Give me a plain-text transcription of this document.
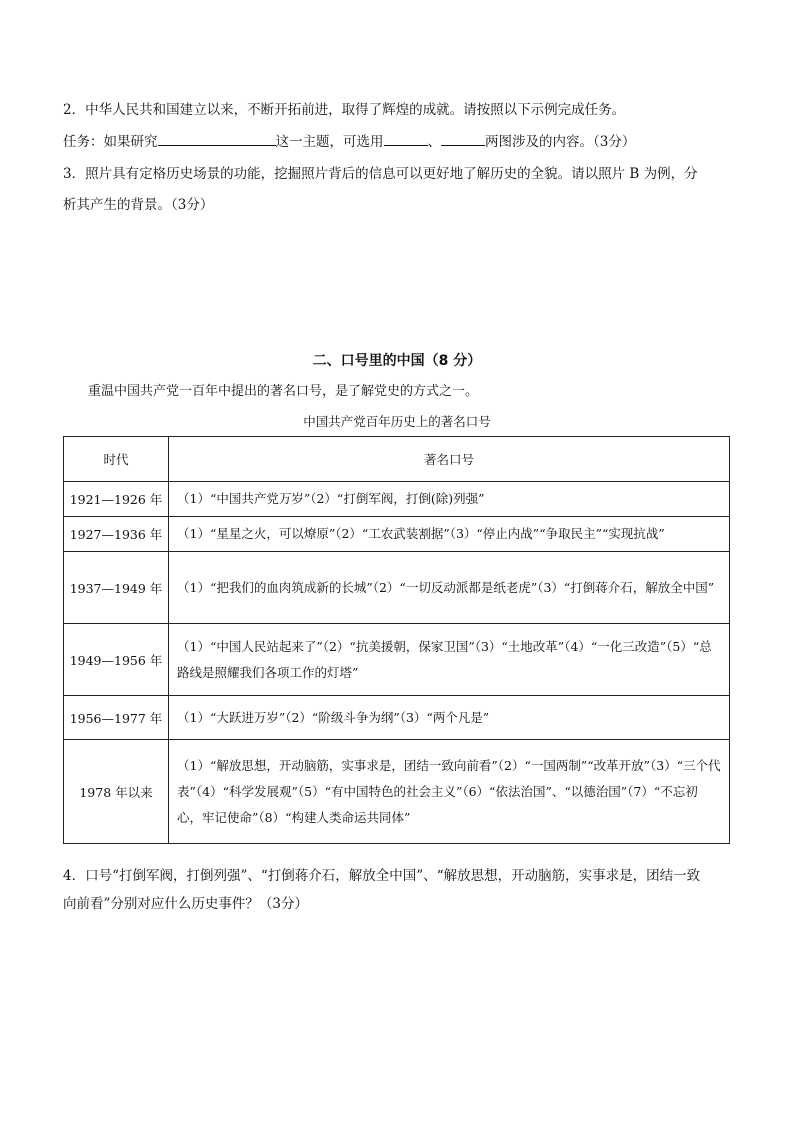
2．中华人民共和国建立以来，不断开拓前进，取得了辉煌的成就。请按照以下示例完成任务。
任务：如果研究	这一主题，可选用	、	两图涉及的内容。（3分）
3．照片具有定格历史场景的功能，挖掘照片背后的信息可以更好地了解历史的全貌。请以照片 B 为例，分
析其产生的背景。（3分）
二、口号里的中国（8 分）
重温中国共产党一百年中提出的著名口号，是了解党史的方式之一。
中国共产党百年历史上的著名口号
时代	著名口号
1921—1926 年	（1）“中国共产党万岁”（2）“打倒军阀，打倒(除)列强”
1927—1936 年	（1）“星星之火，可以燎原”（2）“工农武装割据”（3）“停止内战”“争取民主”“实现抗战”
1937—1949 年	（1）“把我们的血肉筑成新的长城”（2）“一切反动派都是纸老虎”（3）“打倒蒋介石，解放全中国”
1949—1956 年	（1）“中国人民站起来了”（2）“抗美援朝，保家卫国”（3）“土地改革”（4）“一化三改造”（5）“总路线是照耀我们各项工作的灯塔”
1956—1977 年	（1）“大跃进万岁”（2）“阶级斗争为纲”（3）“两个凡是”
1978 年以来	（1）“解放思想，开动脑筋，实事求是，团结一致向前看”（2）“一国两制”“改革开放”（3）“三个代表”（4）“科学发展观”（5）“有中国特色的社会主义”（6）“依法治国”、“以德治国”（7）“不忘初心，牢记使命”（8）“构建人类命运共同体”
4．口号“打倒军阀，打倒列强”、“打倒蒋介石，解放全中国”、“解放思想，开动脑筋，实事求是，团结一致
向前看”分别对应什么历史事件？（3分）
